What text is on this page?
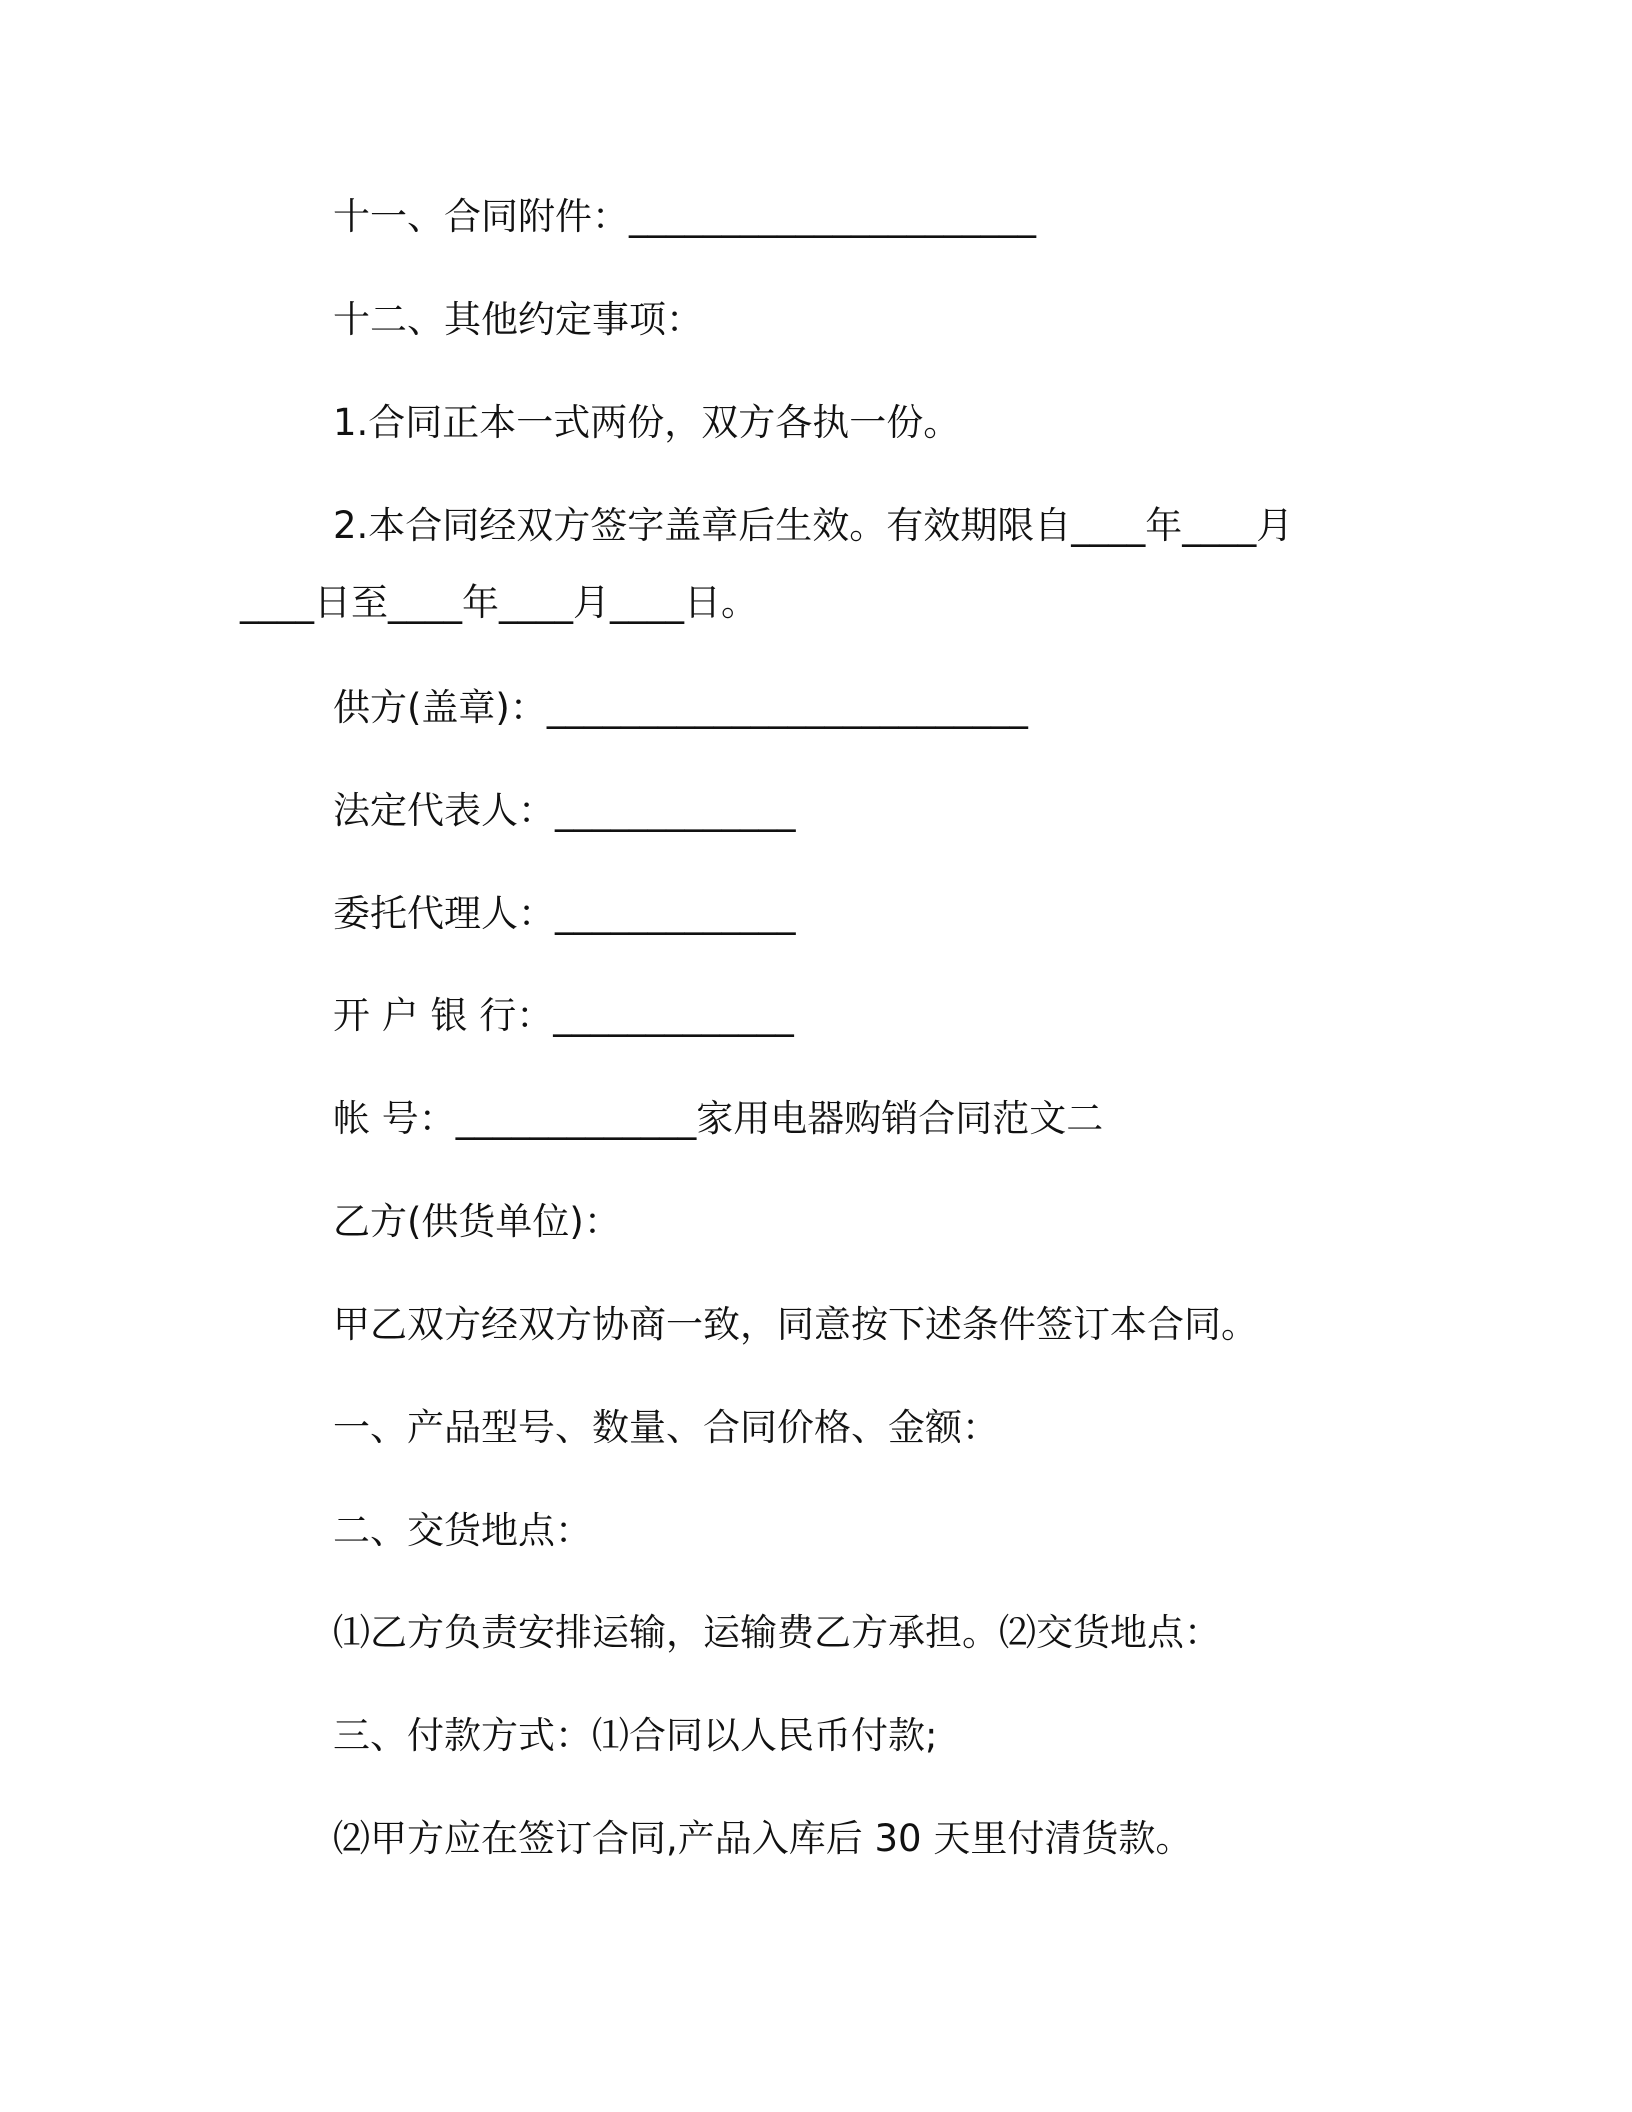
十一、合同附件：______________________

十二、其他约定事项：

1.合同正本一式两份，双方各执一份。

2.本合同经双方签字盖章后生效。有效期限自____年____月

____日至____年____月____日。

供方(盖章)：__________________________

法定代表人：_____________

委托代理人：_____________

开 户 银 行：_____________

帐 号：_____________家用电器购销合同范文二

乙方(供货单位)：

甲乙双方经双方协商一致，同意按下述条件签订本合同。

一、产品型号、数量、合同价格、金额：

二、交货地点：

⑴乙方负责安排运输，运输费乙方承担。⑵交货地点：

三、付款方式：⑴合同以人民币付款;

⑵甲方应在签订合同,产品入库后 30 天里付清货款。
